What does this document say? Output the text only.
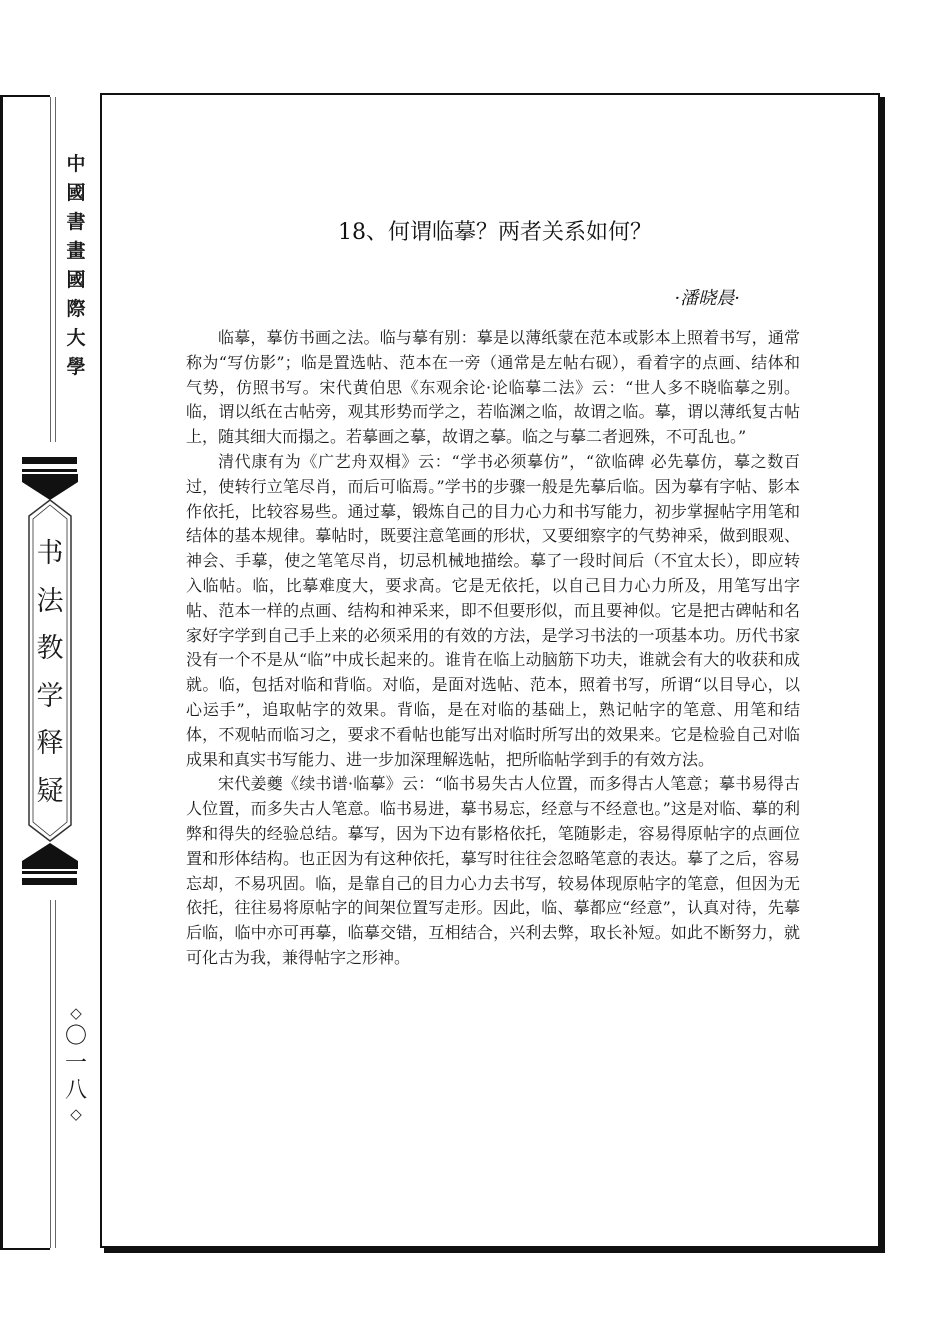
中
國
書
畫
國
際
大
學
书
法
教
学
释
疑
◇
〇
一
八
◇
18、何谓临摹？两者关系如何？
·潘晓晨·

临摹，摹仿书画之法。临与摹有别：摹是以薄纸蒙在范本或影本上照着书写，通常称为“写仿影”；临是置选帖、范本在一旁（通常是左帖右砚），看着字的点画、结体和气势，仿照书写。宋代黄伯思《东观余论·论临摹二法》云：“世人多不晓临摹之别。临，谓以纸在古帖旁，观其形势而学之，若临渊之临，故谓之临。摹，谓以薄纸复古帖上，随其细大而搨之。若摹画之摹，故谓之摹。临之与摹二者迥殊，不可乱也。”

清代康有为《广艺舟双楫》云：“学书必须摹仿”，“欲临碑 必先摹仿，摹之数百过，使转行立笔尽肖，而后可临焉。”学书的步骤一般是先摹后临。因为摹有字帖、影本作依托，比较容易些。通过摹，锻炼自己的目力心力和书写能力，初步掌握帖字用笔和结体的基本规律。摹帖时，既要注意笔画的形状，又要细察字的气势神采，做到眼观、神会、手摹，使之笔笔尽肖，切忌机械地描绘。摹了一段时间后（不宜太长），即应转入临帖。临，比摹难度大，要求高。它是无依托，以自己目力心力所及，用笔写出字帖、范本一样的点画、结构和神采来，即不但要形似，而且要神似。它是把古碑帖和名家好字学到自己手上来的必须采用的有效的方法，是学习书法的一项基本功。历代书家没有一个不是从“临”中成长起来的。谁肯在临上动脑筋下功夫，谁就会有大的收获和成就。临，包括对临和背临。对临，是面对选帖、范本，照着书写，所谓“以目导心，以心运手”，追取帖字的效果。背临，是在对临的基础上，熟记帖字的笔意、用笔和结体，不观帖而临习之，要求不看帖也能写出对临时所写出的效果来。它是检验自己对临成果和真实书写能力、进一步加深理解选帖，把所临帖学到手的有效方法。

宋代姜夔《续书谱·临摹》云：“临书易失古人位置，而多得古人笔意；摹书易得古人位置，而多失古人笔意。临书易进，摹书易忘，经意与不经意也。”这是对临、摹的利弊和得失的经验总结。摹写，因为下边有影格依托，笔随影走，容易得原帖字的点画位置和形体结构。也正因为有这种依托，摹写时往往会忽略笔意的表达。摹了之后，容易忘却，不易巩固。临，是靠自己的目力心力去书写，较易体现原帖字的笔意，但因为无依托，往往易将原帖字的间架位置写走形。因此，临、摹都应“经意”，认真对待，先摹后临，临中亦可再摹，临摹交错，互相结合，兴利去弊，取长补短。如此不断努力，就可化古为我，兼得帖字之形神。
